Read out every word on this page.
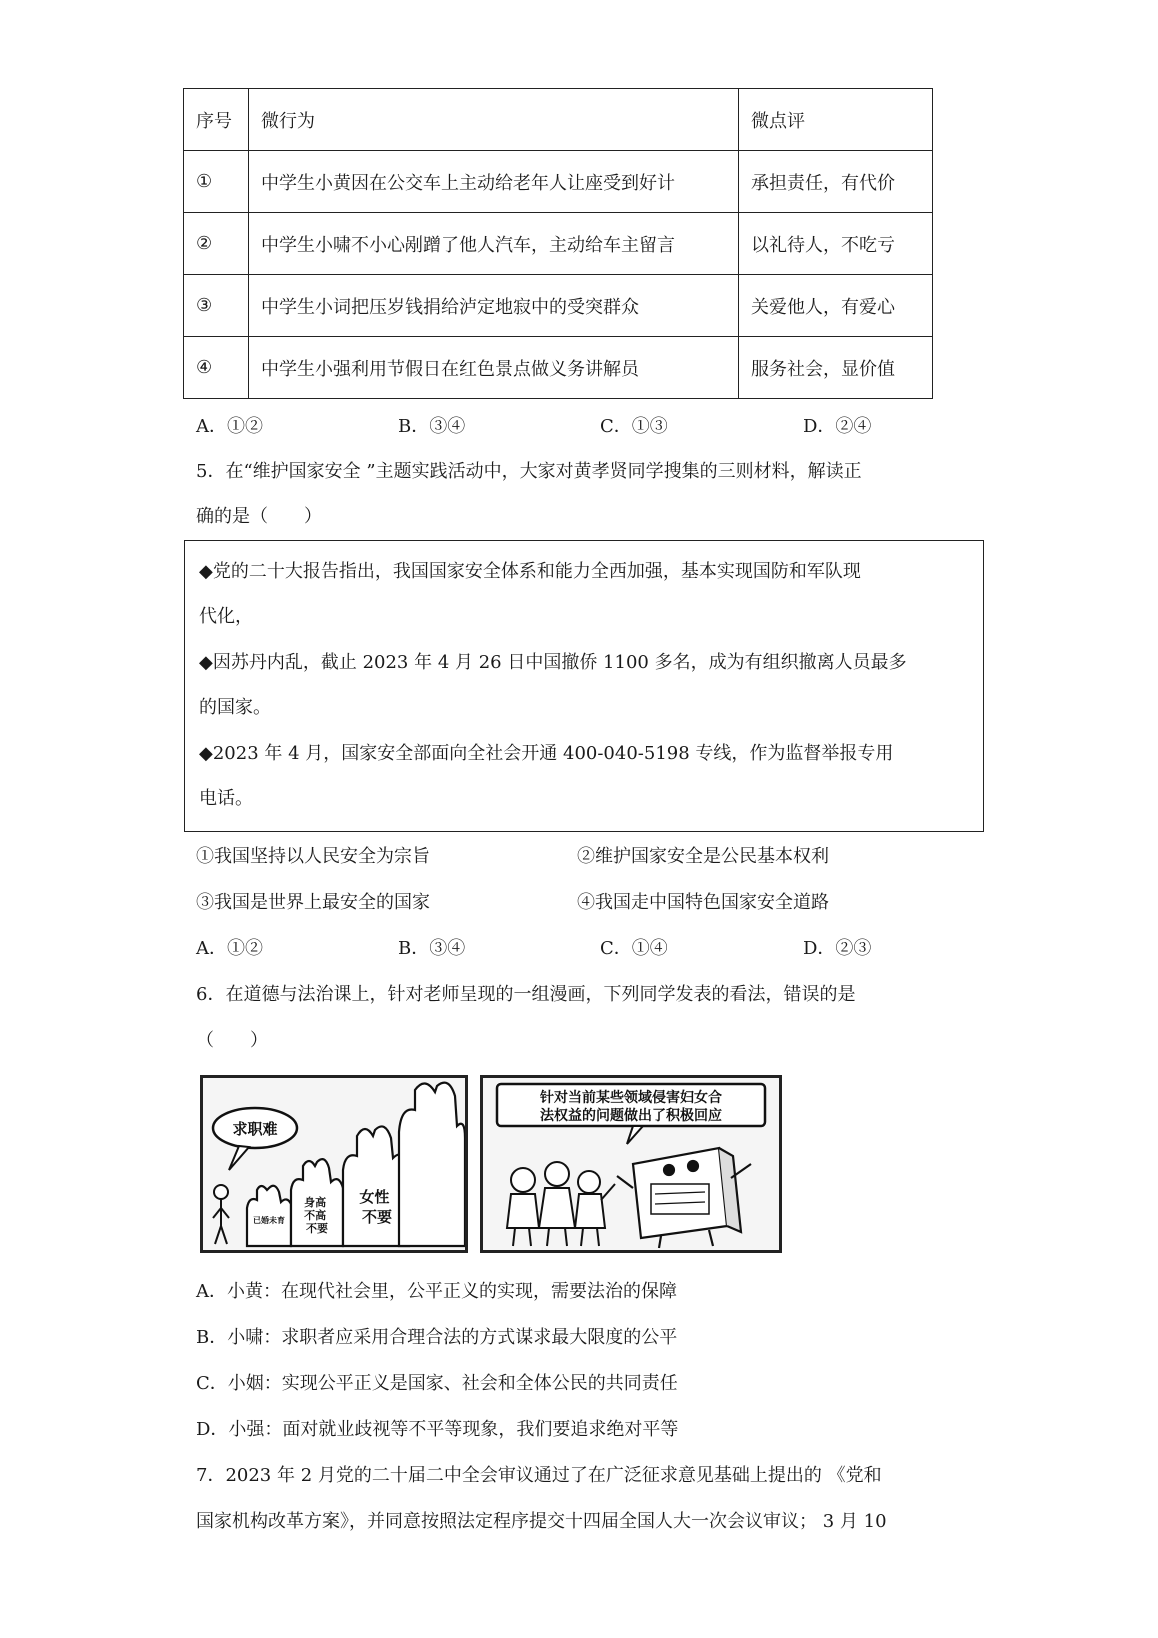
序号	微行为	微点评
①	中学生小黄因在公交车上主动给老年人让座受到好计	承担责任，有代价
②	中学生小啸不小心剐蹭了他人汽车，主动给车主留言	以礼待人，不吃亏
③	中学生小词把压岁钱捐给泸定地寂中的受突群众	关爱他人，有爱心
④	中学生小强利用节假日在红色景点做义务讲解员	服务社会，显价值
A．①②	B．③④	C．①③	D．②④
5．在“维护国家安全 ”主题实践活动中，大家对黄孝贤同学搜集的三则材料，解读正
确的是（　　）
◆党的二十大报告指出，我国国家安全体系和能力全西加强，基本实现国防和军队现
代化，
◆因苏丹内乱，截止 2023 年 4 月 26 日中国撤侨 1100 多名，成为有组织撤离人员最多
的国家。
◆2023 年 4 月，国家安全部面向全社会开通 400-040-5198 专线，作为监督举报专用
电话。
①我国坚持以人民安全为宗旨	②维护国家安全是公民基本权利
③我国是世界上最安全的国家	④我国走中国特色国家安全道路
A．①②	B．③④	C．①④	D．②③
6．在道德与法治课上，针对老师呈现的一组漫画，下列同学发表的看法，错误的是
（　　）
求职难
女性 不要
身高 不高 不要
已婚未育
针对当前某些领域侵害妇女合
法权益的问题做出了积极回应
A．小黄：在现代社会里，公平正义的实现，需要法治的保障
B．小啸：求职者应采用合理合法的方式谋求最大限度的公平
C．小姻：实现公平正义是国家、社会和全体公民的共同责任
D．小强：面对就业歧视等不平等现象，我们要追求绝对平等
7．2023 年 2 月党的二十届二中全会审议通过了在广泛征求意见基础上提出的 《党和
国家机构改革方案》，并同意按照法定程序提交十四届全国人大一次会议审议； 3 月 10
